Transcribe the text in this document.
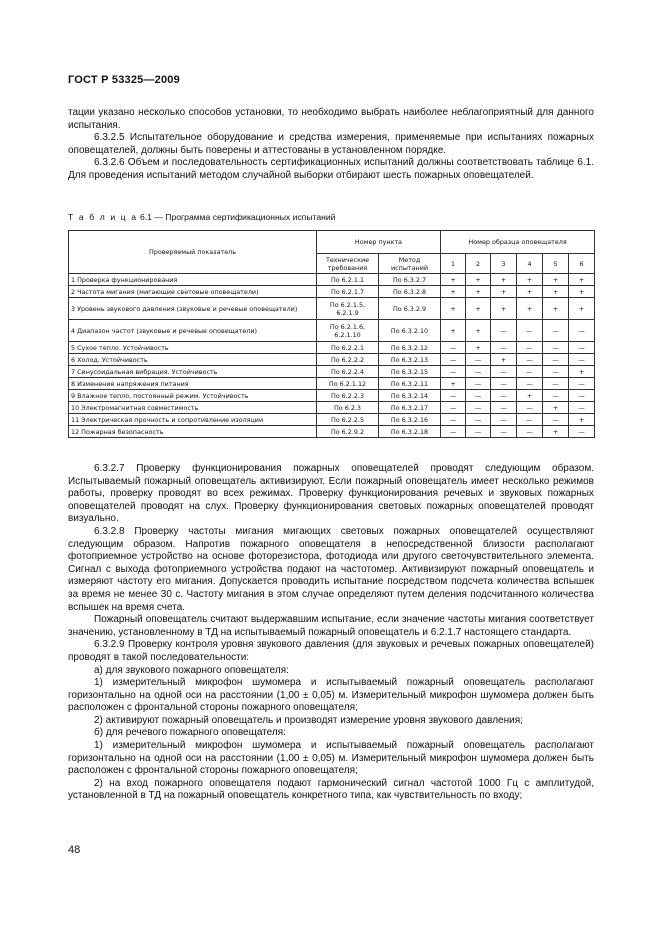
ГОСТ Р 53325—2009

тации указано несколько способов установки, то необходимо выбрать наиболее неблагоприятный для данного испытания.

6.3.2.5 Испытательное оборудование и средства измерения, применяемые при испытаниях пожарных оповещателей, должны быть поверены и аттестованы в установленном порядке.

6.3.2.6 Объем и последовательность сертификационных испытаний должны соответствовать таблице 6.1. Для проведения испытаний методом случайной выборки отбирают шесть пожарных оповещателей.

Т а б л и ц а 6.1 — Программа сертификационных испытаний
Проверяемый показатель	Номер пункта		Номер образца оповещателя					
	Технические требования	Метод испытаний	1	2	3	4	5	6
1 Проверка функционирования	По 6.2.1.1	По 6.3.2.7	+	+	+	+	+	+
2 Частота мигания (мигающие световые оповещатели)	По 6.2.1.7	По 6.3.2.8	+	+	+	+	+	+
3 Уровень звукового давления (звуковые и речевые оповещатели)	По 6.2.1.5, 6.2.1.9	По 6.3.2.9	+	+	+	+	+	+
4 Диапазон частот (звуковые и речевые оповещатели)	По 6.2.1.6, 6.2.1.10	По 6.3.2.10	+	+	—	—	—	—
5 Сухое тепло. Устойчивость	По 6.2.2.1	По 6.3.2.12	—	+	—	—	—	—
6 Холод. Устойчивость	По 6.2.2.2	По 6.3.2.13	—	—	+	—	—	—
7 Синусоидальная вибрация. Устойчивость	По 6.2.2.4	По 6.3.2.15	—	—	—	—	—	+
8 Изменение напряжения питания	По 6.2.1.12	По 6.3.2.11	+	—	—	—	—	—
9 Влажное тепло, постоянный режим. Устойчивость	По 6.2.2.3	По 6.3.2.14	—	—	—	+	—	—
10 Электромагнитная совместимость	По 6.2.3	По 6.3.2.17	—	—	—	—	+	—
11 Электрическая прочность и сопротивление изоляции	По 6.2.2.5	По 6.3.2.16	—	—	—	—	—	+
12 Пожарная безопасность	По 6.2.9.2	По 6.3.2.18	—	—	—	—	+	—

6.3.2.7 Проверку функционирования пожарных оповещателей проводят следующим образом. Испытываемый пожарный оповещатель активизируют. Если пожарный оповещатель имеет несколько режимов работы, проверку проводят во всех режимах. Проверку функционирования речевых и звуковых пожарных оповещателей проводят на слух. Проверку функционирования световых пожарных оповещателей проводят визуально.

6.3.2.8 Проверку частоты мигания мигающих световых пожарных оповещателей осуществляют следующим образом. Напротив пожарного оповещателя в непосредственной близости располагают фотоприемное устройство на основе фоторезистора, фотодиода или другого светочувствительного элемента. Сигнал с выхода фотоприемного устройства подают на частотомер. Активизируют пожарный оповещатель и измеряют частоту его мигания. Допускается проводить испытание посредством подсчета количества вспышек за время не менее 30 с. Частоту мигания в этом случае определяют путем деления подсчитанного количества вспышек на время счета.

Пожарный оповещатель считают выдержавшим испытание, если значение частоты мигания соответствует значению, установленному в ТД на испытываемый пожарный оповещатель и 6.2.1.7 настоящего стандарта.

6.3.2.9 Проверку контроля уровня звукового давления (для звуковых и речевых пожарных оповещателей) проводят в такой последовательности:

а) для звукового пожарного оповещателя:

1) измерительный микрофон шумомера и испытываемый пожарный оповещатель располагают горизонтально на одной оси на расстоянии (1,00 ± 0,05) м. Измерительный микрофон шумомера должен быть расположен с фронтальной стороны пожарного оповещателя;

2) активируют пожарный оповещатель и производят измерение уровня звукового давления;

б) для речевого пожарного оповещателя:

1) измерительный микрофон шумомера и испытываемый пожарный оповещатель располагают горизонтально на одной оси на расстоянии (1,00 ± 0,05) м. Измерительный микрофон шумомера должен быть расположен с фронтальной стороны пожарного оповещателя;

2) на вход пожарного оповещателя подают гармонический сигнал частотой 1000 Гц с амплитудой, установленной в ТД на пожарный оповещатель конкретного типа, как чувствительность по входу;

48
